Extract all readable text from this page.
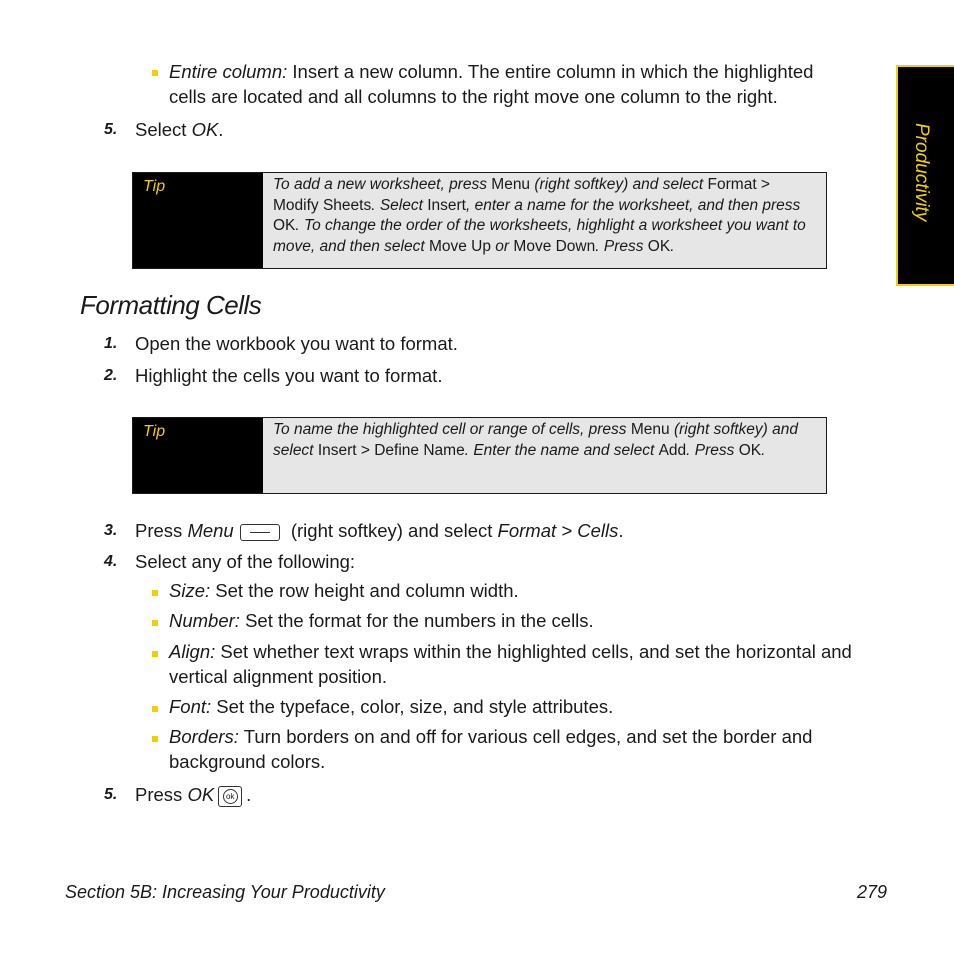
Productivity
Entire column: Insert a new column. The entire column in which the highlighted
cells are located and all columns to the right move one column to the right.
5. Select OK.
Tip	To add a new worksheet, press Menu (right softkey) and select Format > Modify Sheets. Select Insert, enter a name for the worksheet, and then press OK. To change the order of the worksheets, highlight a worksheet you want to move, and then select Move Up or Move Down. Press OK.
Formatting Cells
1. Open the workbook you want to format.
2. Highlight the cells you want to format.
Tip	To name the highlighted cell or range of cells, press Menu (right softkey) and select Insert > Define Name. Enter the name and select Add. Press OK.
3. Press Menu	(right softkey) and select Format > Cells.
4. Select any of the following:
Size: Set the row height and column width.
Number: Set the format for the numbers in the cells.
Align: Set whether text wraps within the highlighted cells, and set the horizontal and
vertical alignment position.
Font: Set the typeface, color, size, and style attributes.
Borders: Turn borders on and off for various cell edges, and set the border and
background colors.
5. Press OK ok .
Section 5B: Increasing Your Productivity	279
